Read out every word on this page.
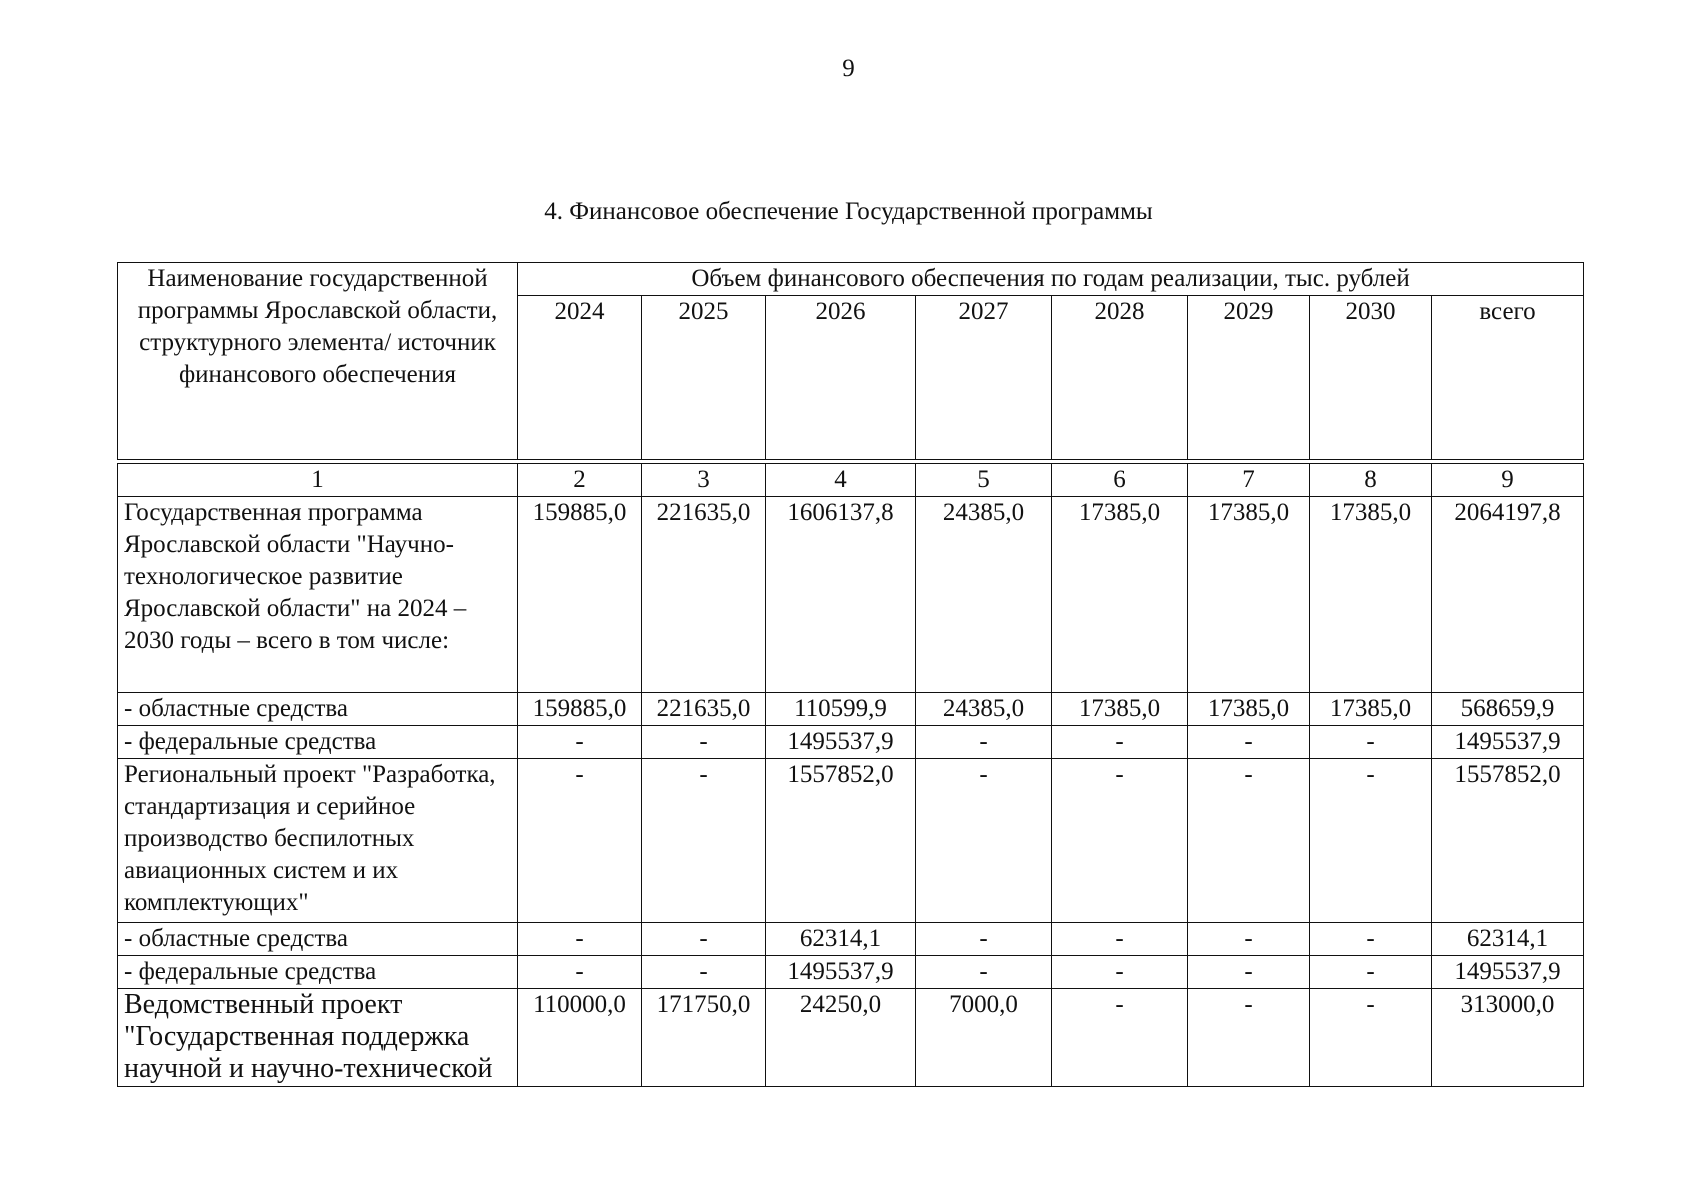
9
4. Финансовое обеспечение Государственной программы
Наименование государственной программы Ярославской области, структурного элемента/ источник финансового обеспечения	Объем финансового обеспечения по годам реализации, тыс. рублей							
	2024	2025	2026	2027	2028	2029	2030	всего
1	2	3	4	5	6	7	8	9
Государственная программа Ярославской области "Научно-технологическое развитие Ярославской области" на 2024 – 2030 годы – всего в том числе:	159885,0	221635,0	1606137,8	24385,0	17385,0	17385,0	17385,0	2064197,8
- областные средства	159885,0	221635,0	110599,9	24385,0	17385,0	17385,0	17385,0	568659,9
- федеральные средства	-	-	1495537,9	-	-	-	-	1495537,9
Региональный проект "Разработка, стандартизация и серийное производство беспилотных авиационных систем и их комплектующих"	-	-	1557852,0	-	-	-	-	1557852,0
- областные средства	-	-	62314,1	-	-	-	-	62314,1
- федеральные средства	-	-	1495537,9	-	-	-	-	1495537,9
Ведомственный проект "Государственная поддержка научной и научно-технической	110000,0	171750,0	24250,0	7000,0	-	-	-	313000,0
